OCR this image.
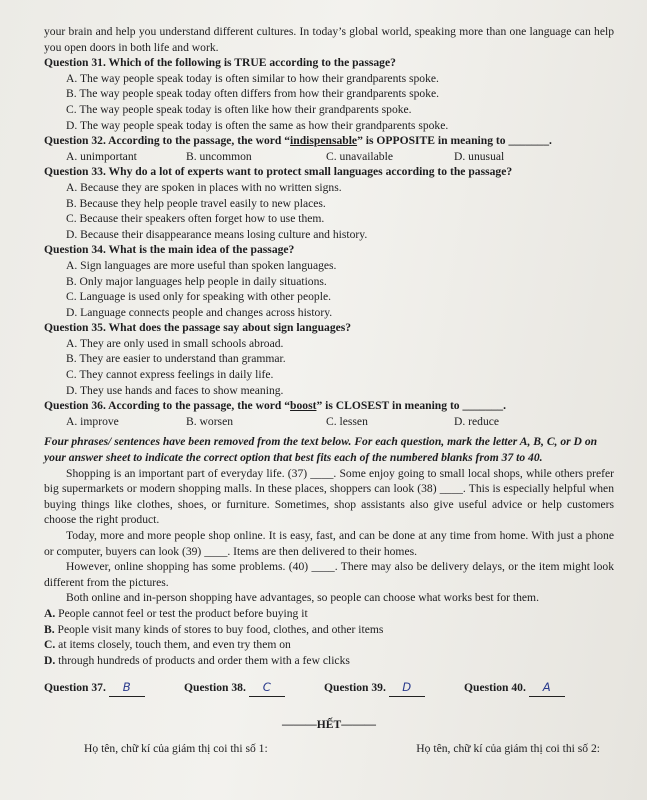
your brain and help you understand different cultures. In today’s global world, speaking more than one language can help you open doors in both life and work.

Question 31. Which of the following is TRUE according to the passage?

A. The way people speak today is often similar to how their grandparents spoke.

B. The way people speak today often differs from how their grandparents spoke.

C. The way people speak today is often like how their grandparents spoke.

D. The way people speak today is often the same as how their grandparents spoke.

Question 32. According to the passage, the word “indispensable” is OPPOSITE in meaning to _______.

A. unimportant	B. uncommon	C. unavailable	D. unusual

Question 33. Why do a lot of experts want to protect small languages according to the passage?

A. Because they are spoken in places with no written signs.

B. Because they help people travel easily to new places.

C. Because their speakers often forget how to use them.

D. Because their disappearance means losing culture and history.

Question 34. What is the main idea of the passage?

A. Sign languages are more useful than spoken languages.

B. Only major languages help people in daily situations.

C. Language is used only for speaking with other people.

D. Language connects people and changes across history.

Question 35. What does the passage say about sign languages?

A. They are only used in small schools abroad.

B. They are easier to understand than grammar.

C. They cannot express feelings in daily life.

D. They use hands and faces to show meaning.

Question 36. According to the passage, the word “boost” is CLOSEST in meaning to _______.

A. improve	B. worsen	C. lessen	D. reduce

Four phrases/ sentences have been removed from the text below. For each question, mark the letter A, B, C, or D on your answer sheet to indicate the correct option that best fits each of the numbered blanks from 37 to 40.

Shopping is an important part of everyday life. (37) ____. Some enjoy going to small local shops, while others prefer big supermarkets or modern shopping malls. In these places, shoppers can look (38) ____. This is especially helpful when buying things like clothes, shoes, or furniture. Sometimes, shop assistants also give useful advice or help customers choose the right product.

Today, more and more people shop online. It is easy, fast, and can be done at any time from home. With just a phone or computer, buyers can look (39) ____. Items are then delivered to their homes.

However, online shopping has some problems. (40) ____. There may also be delivery delays, or the item might look different from the pictures.

Both online and in-person shopping have advantages, so people can choose what works best for them.

A. People cannot feel or test the product before buying it

B. People visit many kinds of stores to buy food, clothes, and other items

C. at items closely, touch them, and even try them on

D. through hundreds of products and order them with a few clicks

Question 37. B	Question 38. C	Question 39. D	Question 40. A

———HẾT———

Họ tên, chữ kí của giám thị coi thi số 1:	Họ tên, chữ kí của giám thị coi thi số 2:
